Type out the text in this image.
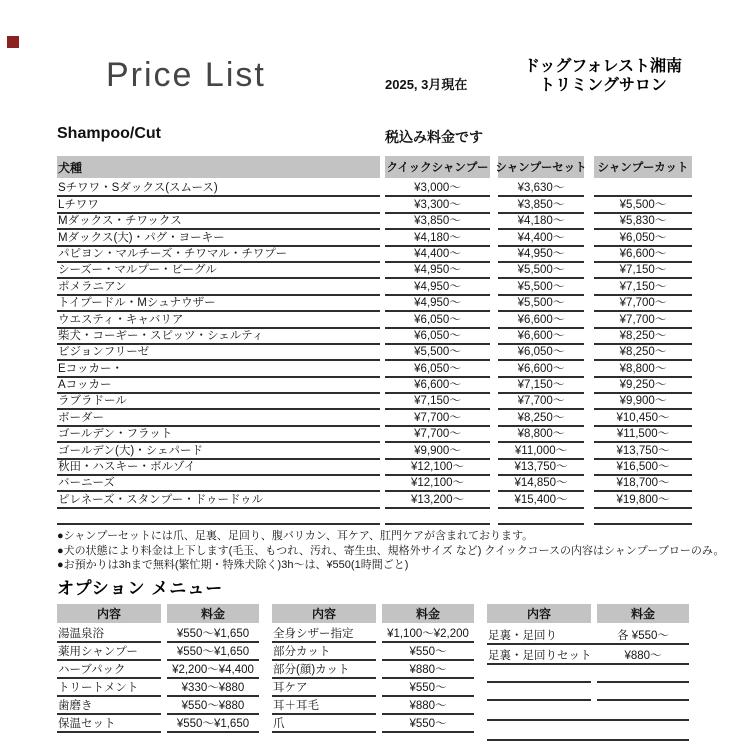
Price List	2025, 3月現在
ドッグフォレスト湘南
トリミングサロン
Shampoo/Cut	税込み料金です
犬種	クイックシャンプー シャンプーセット シャンプーカット
Sチワワ・Sダックス(スムース)	¥3,000～	¥3,630～
Lチワワ	¥3,300～	¥3,850～	¥5,500～
Mダックス・チワックス	¥3,850～	¥4,180～	¥5,830～
Mダックス(大)・パグ・ヨーキー	¥4,180～	¥4,400～	¥6,050～
パピヨン・マルチーズ・チワマル・チワプー	¥4,400～	¥4,950～	¥6,600～
シーズー・マルプー・ビーグル	¥4,950～	¥5,500～	¥7,150～
ポメラニアン	¥4,950～	¥5,500～	¥7,150～
トイプードル・Mシュナウザー	¥4,950～	¥5,500～	¥7,700～
ウエスティ・キャバリア	¥6,050～	¥6,600～	¥7,700～
柴犬・コーギー・スピッツ・シェルティ	¥6,050～	¥6,600～	¥8,250～
ビジョンフリーゼ	¥5,500～	¥6,050～	¥8,250～
Eコッカー・	¥6,050～	¥6,600～	¥8,800～
Aコッカー	¥6,600～	¥7,150～	¥9,250～
ラブラドール	¥7,150～	¥7,700～	¥9,900～
ボーダー	¥7,700～	¥8,250～	¥10,450～
ゴールデン・フラット	¥7,700～	¥8,800～	¥11,500～
ゴールデン(大)・シェパード	¥9,900～	¥11,000～	¥13,750～
秋田・ハスキー・ボルゾイ	¥12,100～	¥13,750～	¥16,500～
バーニーズ	¥12,100～	¥14,850～	¥18,700～
ピレネーズ・スタンプー・ドゥードゥル	¥13,200～	¥15,400～	¥19,800～
●シャンプーセットには爪、足裏、足回り、腹バリカン、耳ケア、肛門ケアが含まれております。
●犬の状態により料金は上下します(毛玉、もつれ、汚れ、寄生虫、規格外サイズ など) クイックコースの内容はシャンプーブローのみ。
●お預かりは3hまで無料(繁忙期・特殊犬除く)3h～は、¥550(1時間ごと)
オプション メニュー
内容	料金
湯温泉浴	¥550～¥1,650
薬用シャンプー	¥550～¥1,650
ハーブパック	¥2,200～¥4,400
トリートメント	¥330～¥880
歯磨き	¥550～¥880
保温セット	¥550～¥1,650
内容	料金
全身シザー指定	¥1,100～¥2,200
部分カット	¥550～
部分(顔)カット	¥880～
耳ケア	¥550～
耳＋耳毛	¥880～
爪	¥550～
内容	料金
足裏・足回り	各 ¥550～
足裏・足回りセット	¥880～
